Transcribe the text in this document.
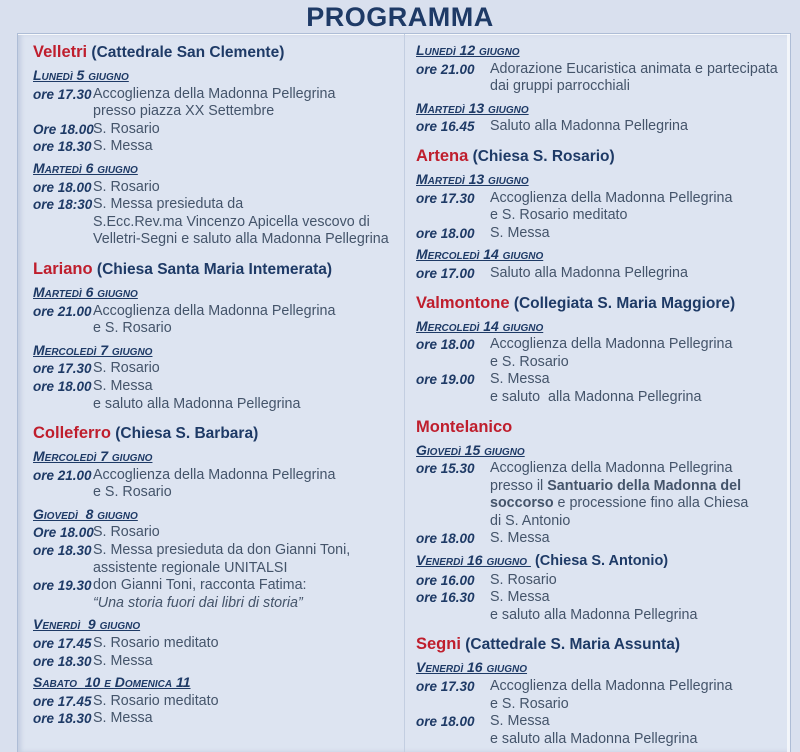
PROGRAMMA
Velletri (Cattedrale San Clemente)
Lunedì 5 giugno
ore 17.30 Accoglienza della Madonna Pellegrina
presso piazza XX Settembre
Ore 18.00 S. Rosario
ore 18.30 S. Messa
Martedì 6 giugno
ore 18.00 S. Rosario
ore 18:30 S. Messa presieduta da
S.Ecc.Rev.ma Vincenzo Apicella vescovo di
Velletri-Segni e saluto alla Madonna Pellegrina
Lariano (Chiesa Santa Maria Intemerata)
Martedì 6 giugno
ore 21.00 Accoglienza della Madonna Pellegrina
e S. Rosario
Mercoledì 7 giugno
ore 17.30 S. Rosario
ore 18.00 S. Messa
e saluto alla Madonna Pellegrina
Colleferro (Chiesa S. Barbara)
Mercoledì 7 giugno
ore 21.00 Accoglienza della Madonna Pellegrina
e S. Rosario
Giovedì  8 giugno
Ore 18.00 S. Rosario
ore 18.30 S. Messa presieduta da don Gianni Toni,
assistente regionale UNITALSI
ore 19.30 don Gianni Toni, racconta Fatima:
“Una storia fuori dai libri di storia”
Venerdì  9 giugno
ore 17.45 S. Rosario meditato
ore 18.30 S. Messa
Sabato  10 e Domenica 11
ore 17.45 S. Rosario meditato
ore 18.30 S. Messa
Lunedì 12 giugno
ore 21.00	Adorazione Eucaristica animata e partecipata
dai gruppi parrocchiali
Martedì 13 giugno
ore 16.45	Saluto alla Madonna Pellegrina
Artena (Chiesa S. Rosario)
Martedì 13 giugno
ore 17.30	Accoglienza della Madonna Pellegrina
e S. Rosario meditato
ore 18.00	S. Messa
Mercoledì 14 giugno
ore 17.00	Saluto alla Madonna Pellegrina
Valmontone (Collegiata S. Maria Maggiore)
Mercoledì 14 giugno
ore 18.00	Accoglienza della Madonna Pellegrina
e S. Rosario
ore 19.00	S. Messa
e saluto  alla Madonna Pellegrina
Montelanico
Giovedì 15 giugno
ore 15.30	Accoglienza della Madonna Pellegrina
presso il Santuario della Madonna del
soccorso e processione fino alla Chiesa
di S. Antonio
ore 18.00	S. Messa
Venerdì 16 giugno  (Chiesa S. Antonio)
ore 16.00	S. Rosario
ore 16.30	S. Messa
e saluto alla Madonna Pellegrina
Segni (Cattedrale S. Maria Assunta)
Venerdì 16 giugno
ore 17.30	Accoglienza della Madonna Pellegrina
e S. Rosario
ore 18.00	S. Messa
e saluto alla Madonna Pellegrina
